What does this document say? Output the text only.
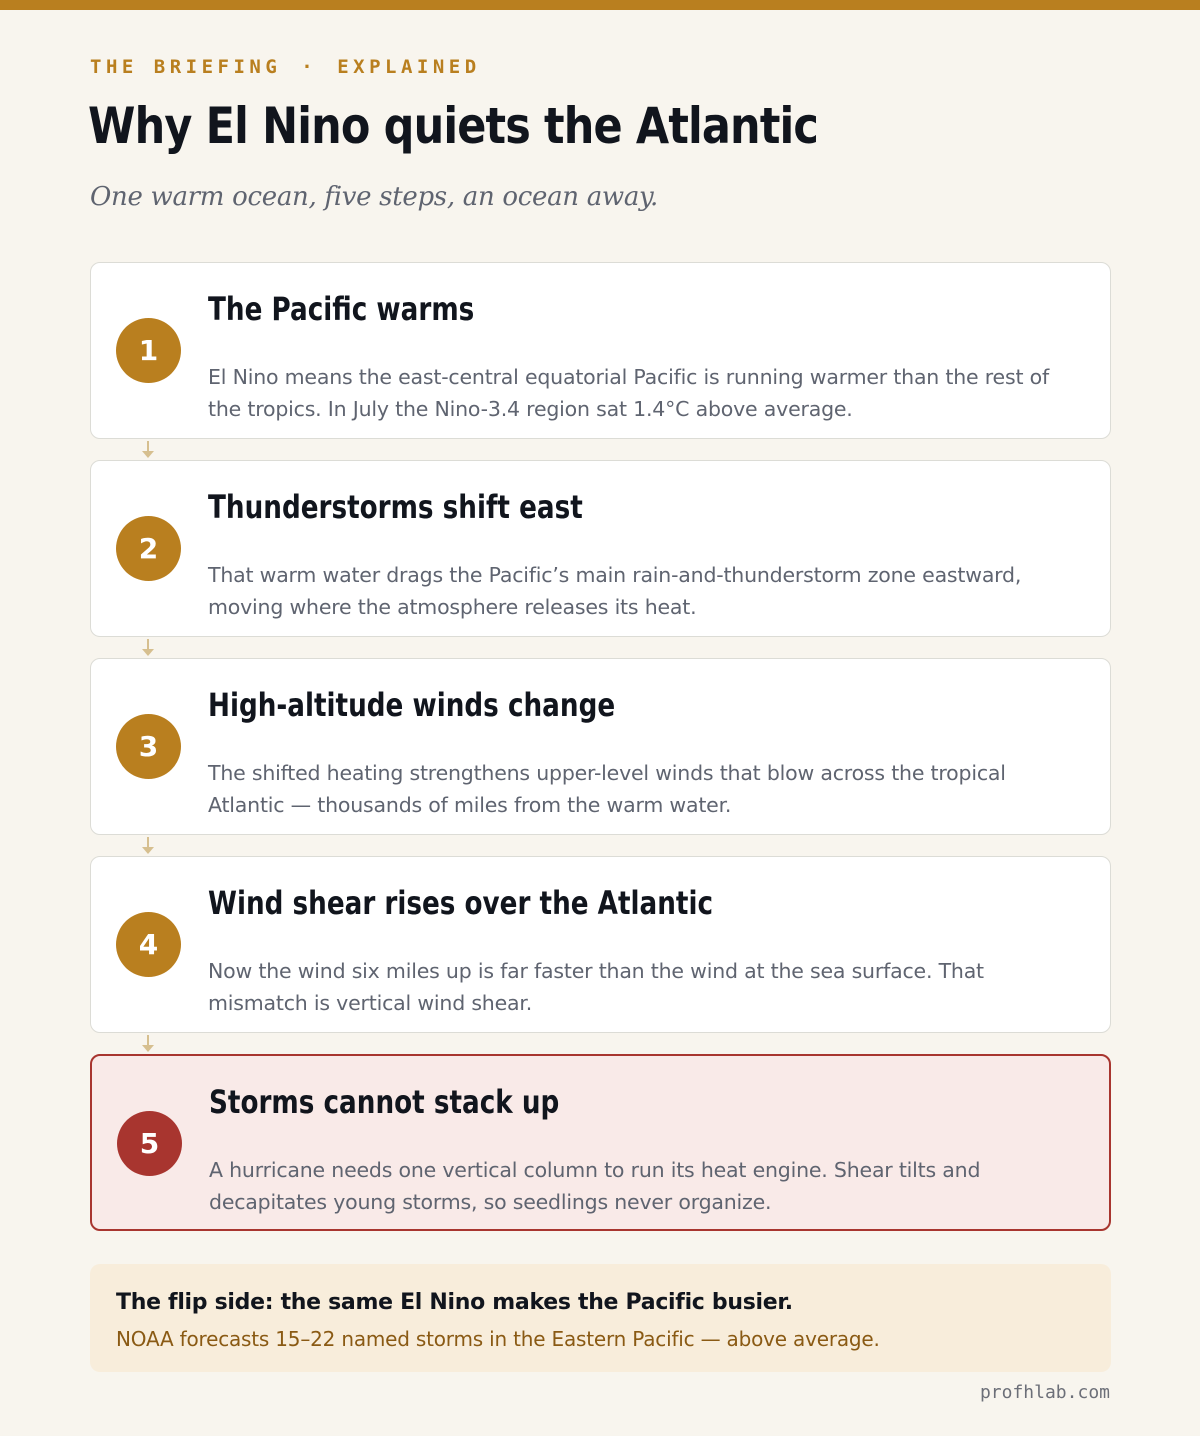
THE BRIEFING · EXPLAINED
Why El Nino quiets the Atlantic
One warm ocean, five steps, an ocean away.
1
The Pacific warms
El Nino means the east-central equatorial Pacific is running warmer than the rest of the tropics. In July the Nino-3.4 region sat 1.4°C above average.
2
Thunderstorms shift east
That warm water drags the Pacific’s main rain-and-thunderstorm zone eastward, moving where the atmosphere releases its heat.
3
High-altitude winds change
The shifted heating strengthens upper-level winds that blow across the tropical Atlantic — thousands of miles from the warm water.
4
Wind shear rises over the Atlantic
Now the wind six miles up is far faster than the wind at the sea surface. That mismatch is vertical wind shear.
5
Storms cannot stack up
A hurricane needs one vertical column to run its heat engine. Shear tilts and decapitates young storms, so seedlings never organize.
The flip side: the same El Nino makes the Pacific busier.
NOAA forecasts 15–22 named storms in the Eastern Pacific — above average.
profhlab.com
